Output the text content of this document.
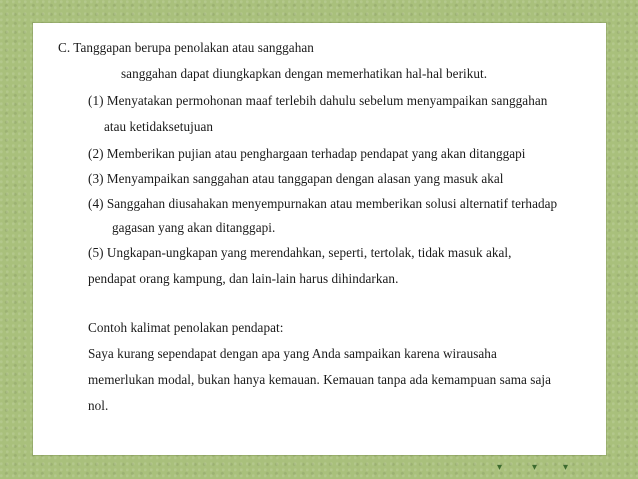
C. Tanggapan berupa penolakan atau sanggahan
sanggahan dapat diungkapkan dengan memerhatikan hal-hal berikut.
(1) Menyatakan permohonan maaf terlebih dahulu sebelum menyampaikan sanggahan
atau ketidaksetujuan
(2) Memberikan pujian atau penghargaan terhadap pendapat yang akan ditanggapi
(3) Menyampaikan sanggahan atau tanggapan dengan alasan yang masuk akal
(4) Sanggahan diusahakan menyempurnakan atau memberikan solusi alternatif terhadap
gagasan yang akan ditanggapi.
(5) Ungkapan-ungkapan yang merendahkan, seperti, tertolak, tidak masuk akal,
pendapat orang kampung, dan lain-lain harus dihindarkan.
Contoh kalimat penolakan pendapat:
Saya kurang sependapat dengan apa yang Anda sampaikan karena wirausaha
memerlukan modal, bukan hanya kemauan. Kemauan tanpa ada kemampuan sama saja
nol.
▾	▾	▾
